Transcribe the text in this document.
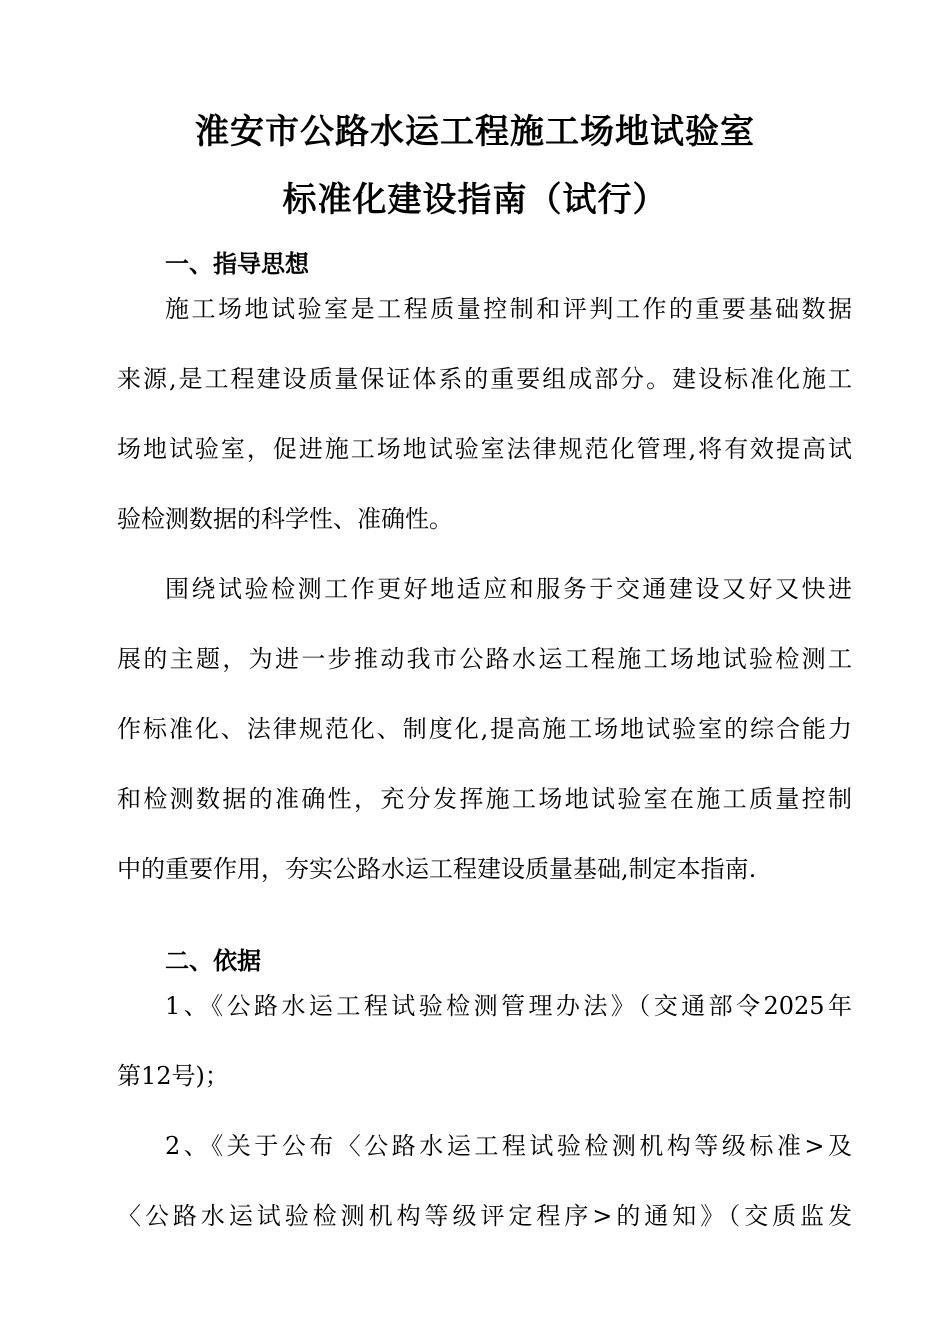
淮安市公路水运工程施工场地试验室
标准化建设指南（试行）
一、指导思想
施工场地试验室是工程质量控制和评判工作的重要基础数据
来源,是工程建设质量保证体系的重要组成部分。建设标准化施工
场地试验室，促进施工场地试验室法律规范化管理,将有效提高试
验检测数据的科学性、准确性。
围绕试验检测工作更好地适应和服务于交通建设又好又快进
展的主题，为进一步推动我市公路水运工程施工场地试验检测工
作标准化、法律规范化、制度化,提高施工场地试验室的综合能力
和检测数据的准确性，充分发挥施工场地试验室在施工质量控制
中的重要作用，夯实公路水运工程建设质量基础,制定本指南.
二、依据
1、《公路水运工程试验检测管理办法》（交通部令2025年
第12号)；
2、《关于公布〈公路水运工程试验检测机构等级标准>及
〈公路水运试验检测机构等级评定程序>的通知》（交质监发
